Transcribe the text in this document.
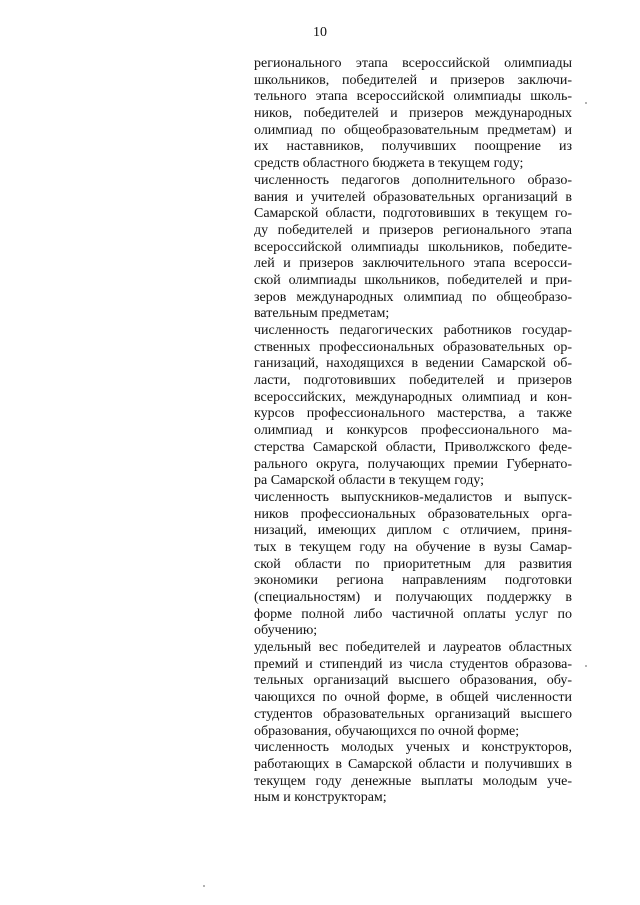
10
регионального этапа всероссийской олимпиады
школьников, победителей и призеров заключи-
тельного этапа всероссийской олимпиады школь-
ников, победителей и призеров международных
олимпиад по общеобразовательным предметам) и
их наставников, получивших поощрение из
средств областного бюджета в текущем году;
численность педагогов дополнительного образо-
вания и учителей образовательных организаций в
Самарской области, подготовивших в текущем го-
ду победителей и призеров регионального этапа
всероссийской олимпиады школьников, победите-
лей и призеров заключительного этапа всеросси-
ской олимпиады школьников, победителей и при-
зеров международных олимпиад по общеобразо-
вательным предметам;
численность педагогических работников государ-
ственных профессиональных образовательных ор-
ганизаций, находящихся в ведении Самарской об-
ласти, подготовивших победителей и призеров
всероссийских, международных олимпиад и кон-
курсов профессионального мастерства, а также
олимпиад и конкурсов профессионального ма-
стерства Самарской области, Приволжского феде-
рального округа, получающих премии Губернато-
ра Самарской области в текущем году;
численность выпускников-медалистов и выпуск-
ников профессиональных образовательных орга-
низаций, имеющих диплом с отличием, приня-
тых в текущем году на обучение в вузы Самар-
ской области по приоритетным для развития
экономики региона направлениям подготовки
(специальностям) и получающих поддержку в
форме полной либо частичной оплаты услуг по
обучению;
удельный вес победителей и лауреатов областных
премий и стипендий из числа студентов образова-
тельных организаций высшего образования, обу-
чающихся по очной форме, в общей численности
студентов образовательных организаций высшего
образования, обучающихся по очной форме;
численность молодых ученых и конструкторов,
работающих в Самарской области и получивших в
текущем году денежные выплаты молодым уче-
ным и конструкторам;
